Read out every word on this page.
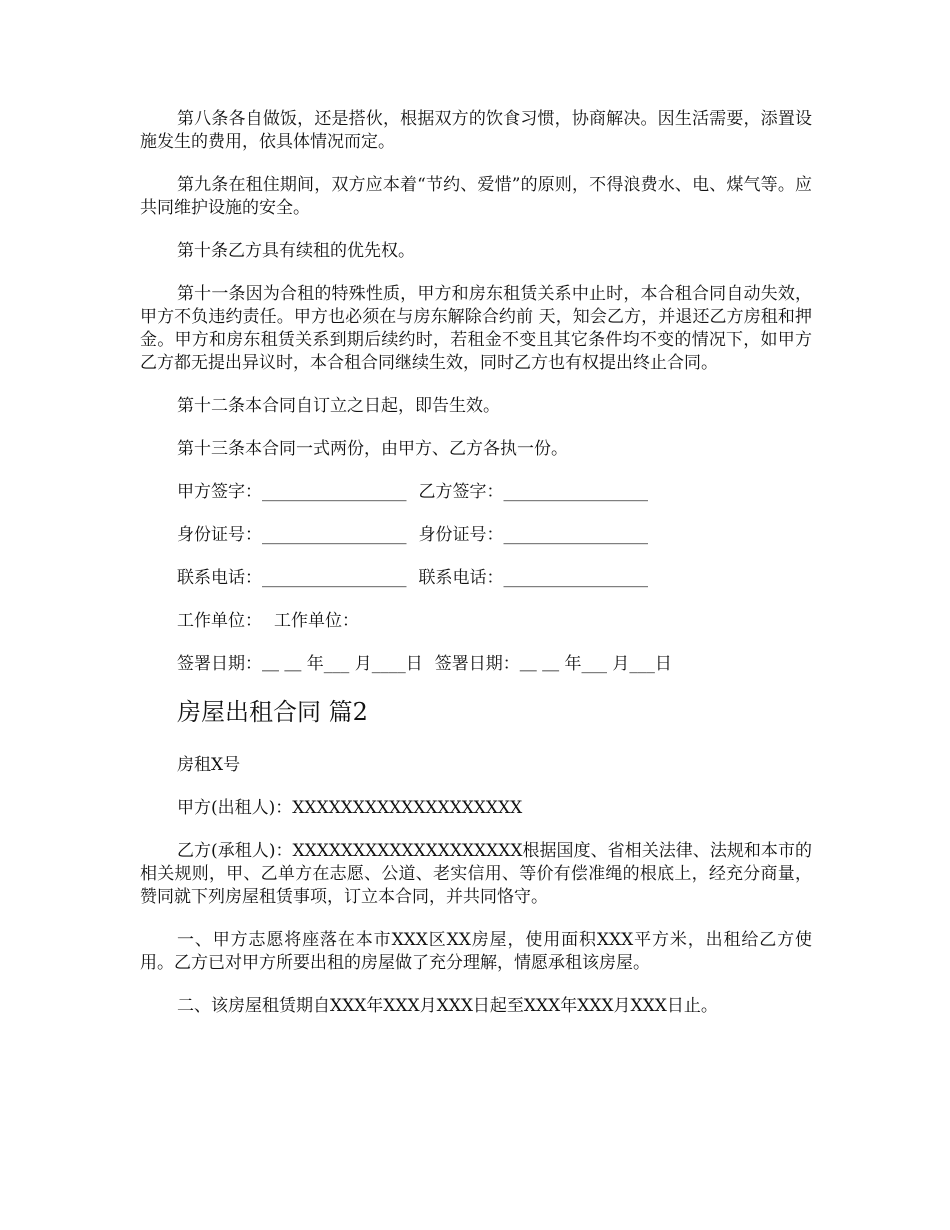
第八条各自做饭，还是搭伙，根据双方的饮食习惯，协商解决。因生活需要，添置设施发生的费用，依具体情况而定。

第九条在租住期间，双方应本着“节约、爱惜”的原则，不得浪费水、电、煤气等。应共同维护设施的安全。

第十条乙方具有续租的优先权。

第十一条因为合租的特殊性质，甲方和房东租赁关系中止时，本合租合同自动失效，甲方不负违约责任。甲方也必须在与房东解除合约前 天，知会乙方，并退还乙方房租和押金。甲方和房东租赁关系到期后续约时，若租金不变且其它条件均不变的情况下，如甲方乙方都无提出异议时，本合租合同继续生效，同时乙方也有权提出终止合同。

第十二条本合同自订立之日起，即告生效。

第十三条本合同一式两份，由甲方、乙方各执一份。

甲方签字：_________________ 乙方签字：_________________
身份证号：_________________ 身份证号：_________________
联系电话：_________________ 联系电话：_________________
工作单位： 工作单位：
签署日期：＿ ＿ 年___ 月____日 签署日期：＿ ＿ 年___ 月___日
房屋出租合同 篇2

房租X号

甲方(出租人)：XXXXXXXXXXXXXXXXXXX

乙方(承租人)：XXXXXXXXXXXXXXXXXXX根据国度、省相关法律、法规和本市的相关规则，甲、乙单方在志愿、公道、老实信用、等价有偿准绳的根底上，经充分商量，赞同就下列房屋租赁事项，订立本合同，并共同恪守。

一、甲方志愿将座落在本市XXX区XX房屋，使用面积XXX平方米，出租给乙方使用。乙方已对甲方所要出租的房屋做了充分理解，情愿承租该房屋。

二、该房屋租赁期自XXX年XXX月XXX日起至XXX年XXX月XXX日止。
